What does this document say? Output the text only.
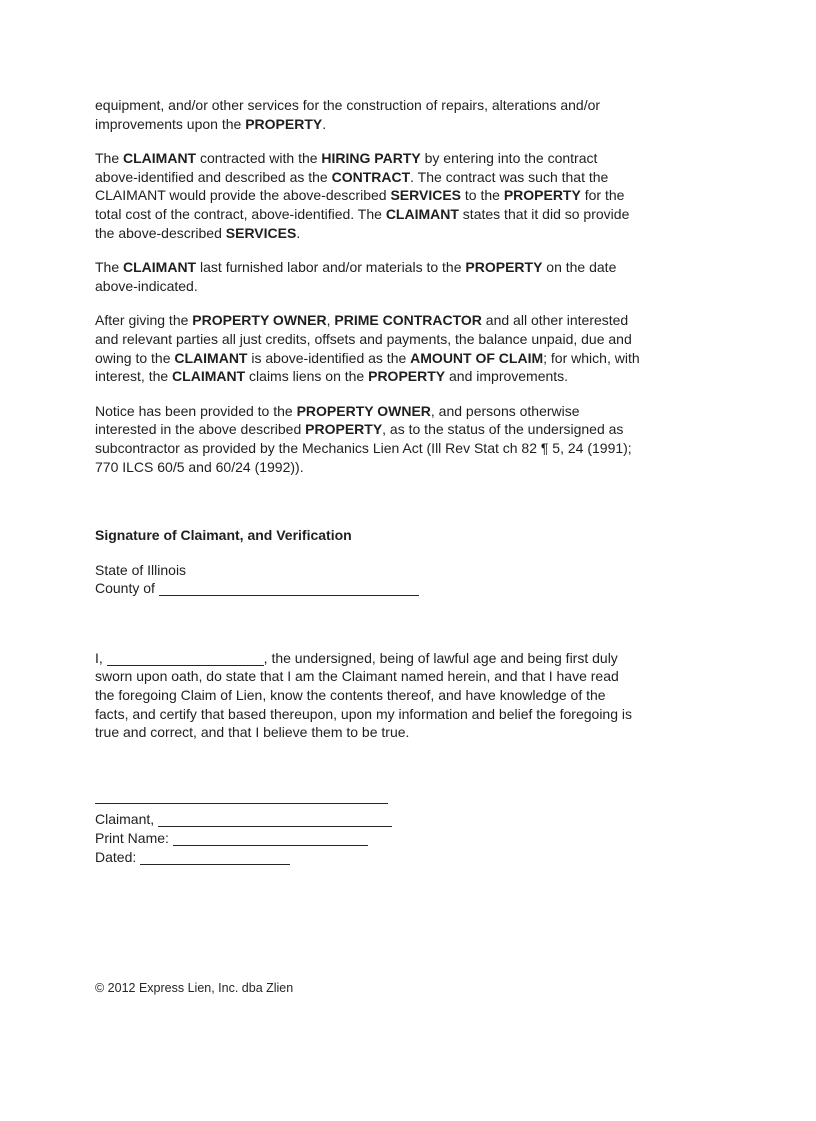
equipment, and/or other services for the construction of repairs, alterations and/or
improvements upon the PROPERTY.

The CLAIMANT contracted with the HIRING PARTY by entering into the contract
above-identified and described as the CONTRACT. The contract was such that the
CLAIMANT would provide the above-described SERVICES to the PROPERTY for the
total cost of the contract, above-identified. The CLAIMANT states that it did so provide
the above-described SERVICES.

The CLAIMANT last furnished labor and/or materials to the PROPERTY on the date
above-indicated.

After giving the PROPERTY OWNER, PRIME CONTRACTOR and all other interested
and relevant parties all just credits, offsets and payments, the balance unpaid, due and
owing to the CLAIMANT is above-identified as the AMOUNT OF CLAIM; for which, with
interest, the CLAIMANT claims liens on the PROPERTY and improvements.

Notice has been provided to the PROPERTY OWNER, and persons otherwise
interested in the above described PROPERTY, as to the status of the undersigned as
subcontractor as provided by the Mechanics Lien Act (Ill Rev Stat ch 82 ¶ 5, 24 (1991);
770 ILCS 60/5 and 60/24 (1992)).

Signature of Claimant, and Verification

State of Illinois
County of

I,	, the undersigned, being of lawful age and being first duly
sworn upon oath, do state that I am the Claimant named herein, and that I have read
the foregoing Claim of Lien, know the contents thereof, and have knowledge of the
facts, and certify that based thereupon, upon my information and belief the foregoing is
true and correct, and that I believe them to be true.

Claimant,

Print Name:

Dated:

© 2012 Express Lien, Inc. dba Zlien
